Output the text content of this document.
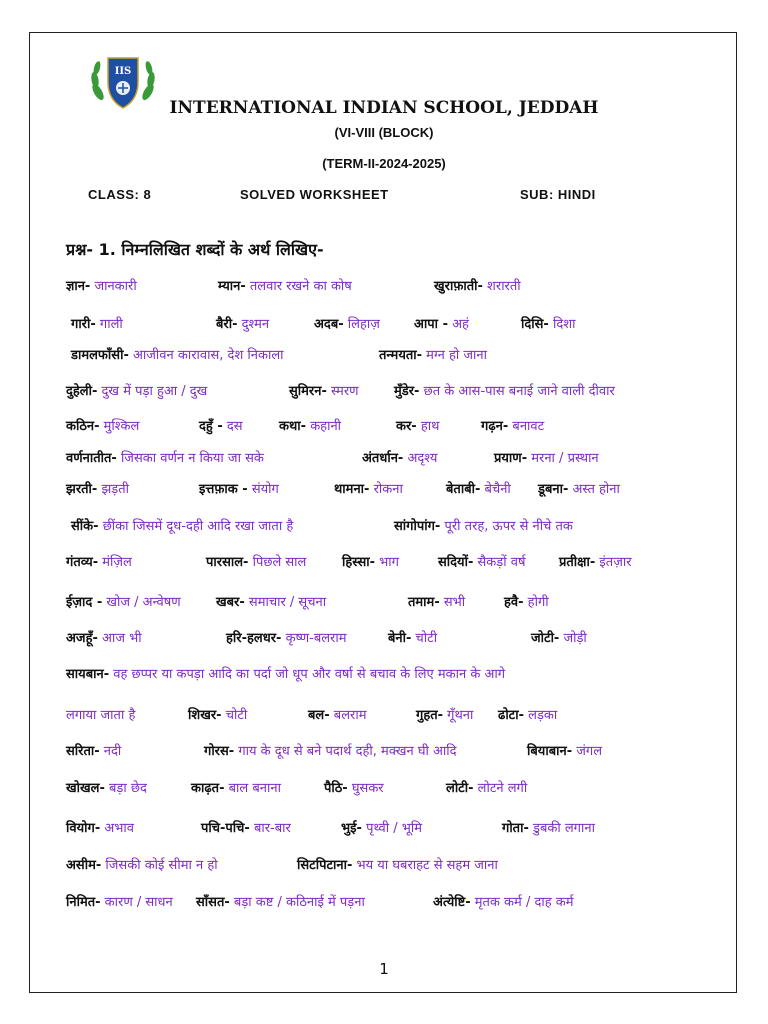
IIS
INTERNATIONAL INDIAN SCHOOL, JEDDAH
(VI-VIII (BLOCK)
(TERM-II-2024-2025)
CLASS: 8	SOLVED WORKSHEET	SUB: HINDI
प्रश्न- 1. निम्नलिखित शब्दों के अर्थ लिखिए-
ज्ञान- जानकारी	म्यान- तलवार रखने का कोष	खुराफ़ाती- शरारती
गारी- गाली	बैरी- दुश्मन	अदब- लिहाज़	आपा - अहं	दिसि- दिशा
डामलफाँसी- आजीवन कारावास, देश निकाला	तन्मयता- मग्न हो जाना
दुहेली- दुख में पड़ा हुआ / दुख	सुमिरन- स्मरण	मुँडेर- छत के आस-पास बनाई जाने वाली दीवार
कठिन- मुश्किल	दहुँ - दस	कथा- कहानी	कर- हाथ	गढ़न- बनावट
वर्णनातीत- जिसका वर्णन न किया जा सके	अंतर्धान- अदृश्य	प्रयाण- मरना / प्रस्थान
झरती- झड़ती	इत्तफ़ाक - संयोग	थामना- रोकना	बेताबी- बेचैनी डूबना- अस्त होना
सींके- छींका जिसमें दूध-दही आदि रखा जाता है	सांगोपांग- पूरी तरह, ऊपर से नीचे तक
गंतव्य- मंज़िल	पारसाल- पिछले साल	हिस्सा- भाग	सदियों- सैकड़ों वर्ष	प्रतीक्षा- इंतज़ार
ईज़ाद - खोज / अन्वेषण	खबर- समाचार / सूचना	तमाम- सभी	हवै- होगी
अजहूँ- आज भी	हरि-हलधर- कृष्ण-बलराम	बेनी- चोटी	जोटी- जोड़ी
सायबान- वह छप्पर या कपड़ा आदि का पर्दा जो धूप और वर्षा से बचाव के लिए मकान के आगे
लगाया जाता है	शिखर- चोटी	बल- बलराम	गुहत- गूँथना ढोटा- लड़का
सरिता- नदी	गोरस- गाय के दूध से बने पदार्थ दही, मक्खन घी आदि	बियाबान- जंगल
खोखल- बड़ा छेद	काढ़त- बाल बनाना	पैठि- घुसकर	लोटी- लोटने लगी
वियोग- अभाव	पचि-पचि- बार-बार	भुई- पृथ्वी / भूमि	गोता- डुबकी लगाना
असीम- जिसकी कोई सीमा न हो	सिटपिटाना- भय या घबराहट से सहम जाना
निमित- कारण / साधन साँसत- बड़ा कष्ट / कठिनाई में पड़ना	अंत्येष्टि- मृतक कर्म / दाह कर्म
1
